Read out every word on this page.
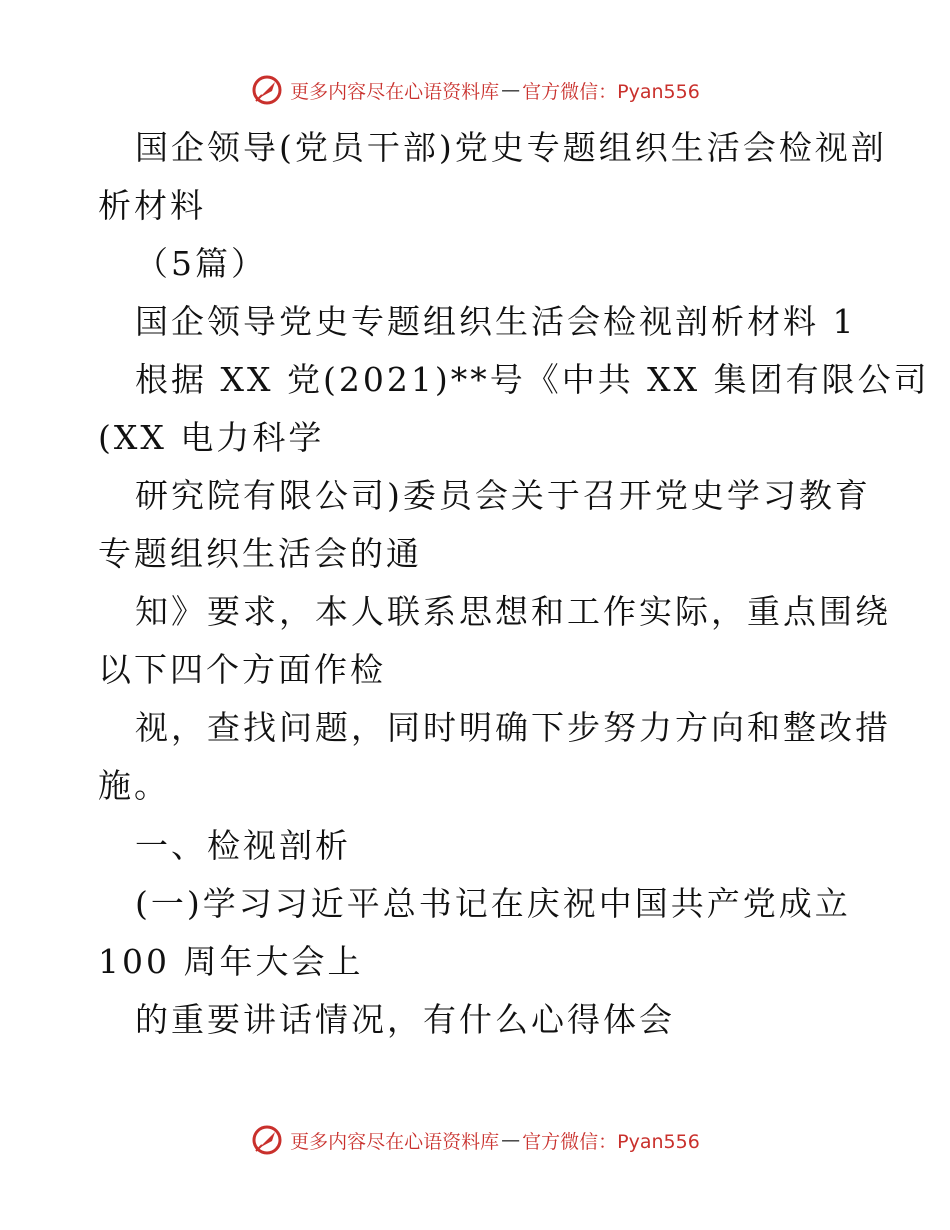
更多内容尽在心语资料库 — 官方微信：Pyan556
国企领导(党员干部)党史专题组织生活会检视剖
析材料
（5篇）
国企领导党史专题组织生活会检视剖析材料 1
根据 XX 党(2021)**号《中共 XX 集团有限公司
(XX 电力科学
研究院有限公司)委员会关于召开党史学习教育
专题组织生活会的通
知》要求，本人联系思想和工作实际，重点围绕
以下四个方面作检
视，查找问题，同时明确下步努力方向和整改措
施。
一、检视剖析
(一)学习习近平总书记在庆祝中国共产党成立
100 周年大会上
的重要讲话情况，有什么心得体会
更多内容尽在心语资料库 — 官方微信：Pyan556
